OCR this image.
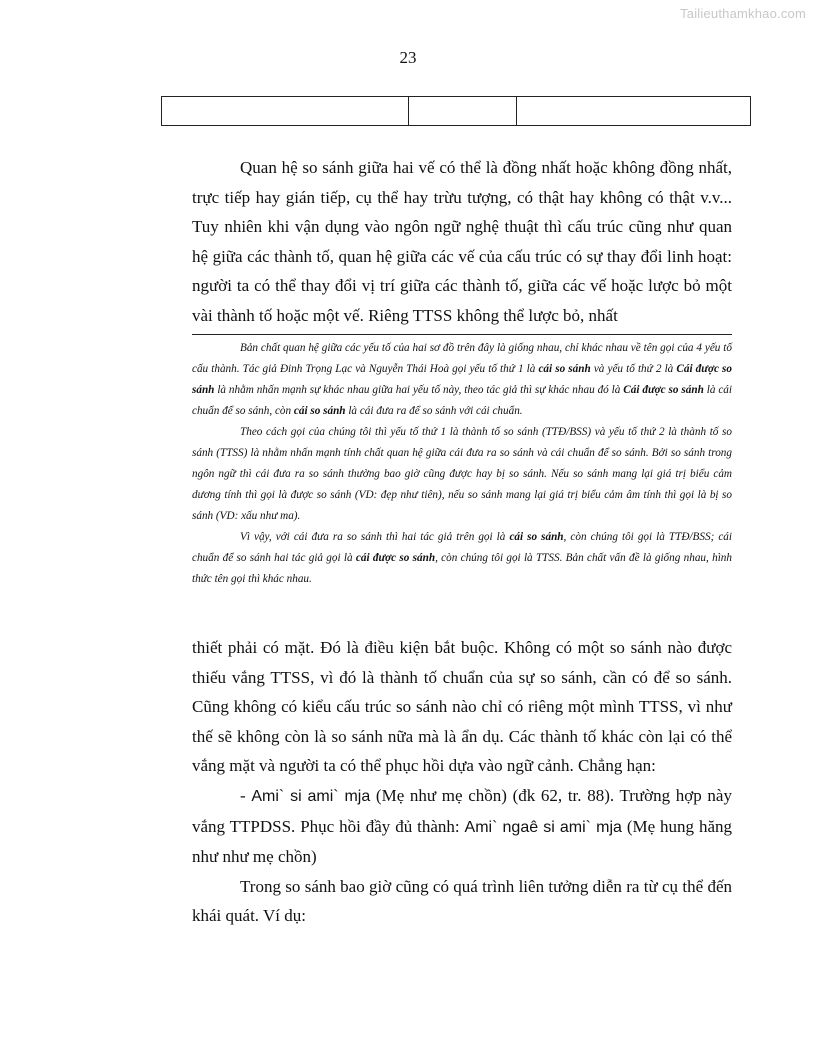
Tailieuthamkhao.com
23

Quan hệ so sánh giữa hai vế có thể là đồng nhất hoặc không đồng nhất, trực tiếp hay gián tiếp, cụ thể hay trừu tượng, có thật hay không có thật v.v... Tuy nhiên khi vận dụng vào ngôn ngữ nghệ thuật thì cấu trúc cũng như quan hệ giữa các thành tố, quan hệ giữa các vế của cấu trúc có sự thay đổi linh hoạt: người ta có thể thay đổi vị trí giữa các thành tố, giữa các vế hoặc lược bỏ một vài thành tố hoặc một vế. Riêng TTSS không thể lược bỏ, nhất

Bản chất quan hệ giữa các yếu tố của hai sơ đồ trên đây là giống nhau, chỉ khác nhau về tên gọi của 4 yếu tố cấu thành. Tác giả Đinh Trọng Lạc và Nguyễn Thái Hoà gọi yếu tố thứ 1 là cái so sánh và yếu tố thứ 2 là Cái được so sánh là nhằm nhấn mạnh sự khác nhau giữa hai yếu tố này, theo tác giả thì sự khác nhau đó là Cái được so sánh là cái chuẩn để so sánh, còn cái so sánh là cái đưa ra để so sánh với cái chuẩn.

Theo cách gọi của chúng tôi thì yếu tố thứ 1 là thành tố so sánh (TTĐ/BSS) và yếu tố thứ 2 là thành tố so sánh (TTSS) là nhằm nhấn mạnh tính chất quan hệ giữa cái đưa ra so sánh và cái chuẩn để so sánh. Bởi so sánh trong ngôn ngữ thì cái đưa ra so sánh thường bao giờ cũng được hay bị so sánh. Nếu so sánh mang lại giá trị biểu cảm dương tính thì gọi là được so sánh (VD: đẹp như tiên), nếu so sánh mang lại giá trị biểu cảm âm tính thì gọi là bị so sánh (VD: xấu như ma).

Vì vậy, với cái đưa ra so sánh thì hai tác giả trên gọi là cái so sánh, còn chúng tôi gọi là TTĐ/BSS; cái chuẩn để so sánh hai tác giả gọi là cái được so sánh, còn chúng tôi gọi là TTSS. Bản chất vấn đề là giống nhau, hình thức tên gọi thì khác nhau.

thiết phải có mặt. Đó là điều kiện bắt buộc. Không có một so sánh nào được thiếu vắng TTSS, vì đó là thành tố chuẩn của sự so sánh, cần có để so sánh. Cũng không có kiểu cấu trúc so sánh nào chỉ có riêng một mình TTSS, vì như thế sẽ không còn là so sánh nữa mà là ẩn dụ. Các thành tố khác còn lại có thể vắng mặt và người ta có thể phục hồi dựa vào ngữ cảnh. Chẳng hạn:

- Ami` si ami` mja (Mẹ như mẹ chồn) (đk 62, tr. 88). Trường hợp này vắng TTPDSS. Phục hồi đầy đủ thành: Ami` ngaê si ami` mja (Mẹ hung hăng như như mẹ chồn)

Trong so sánh bao giờ cũng có quá trình liên tưởng diễn ra từ cụ thể đến khái quát. Ví dụ:
